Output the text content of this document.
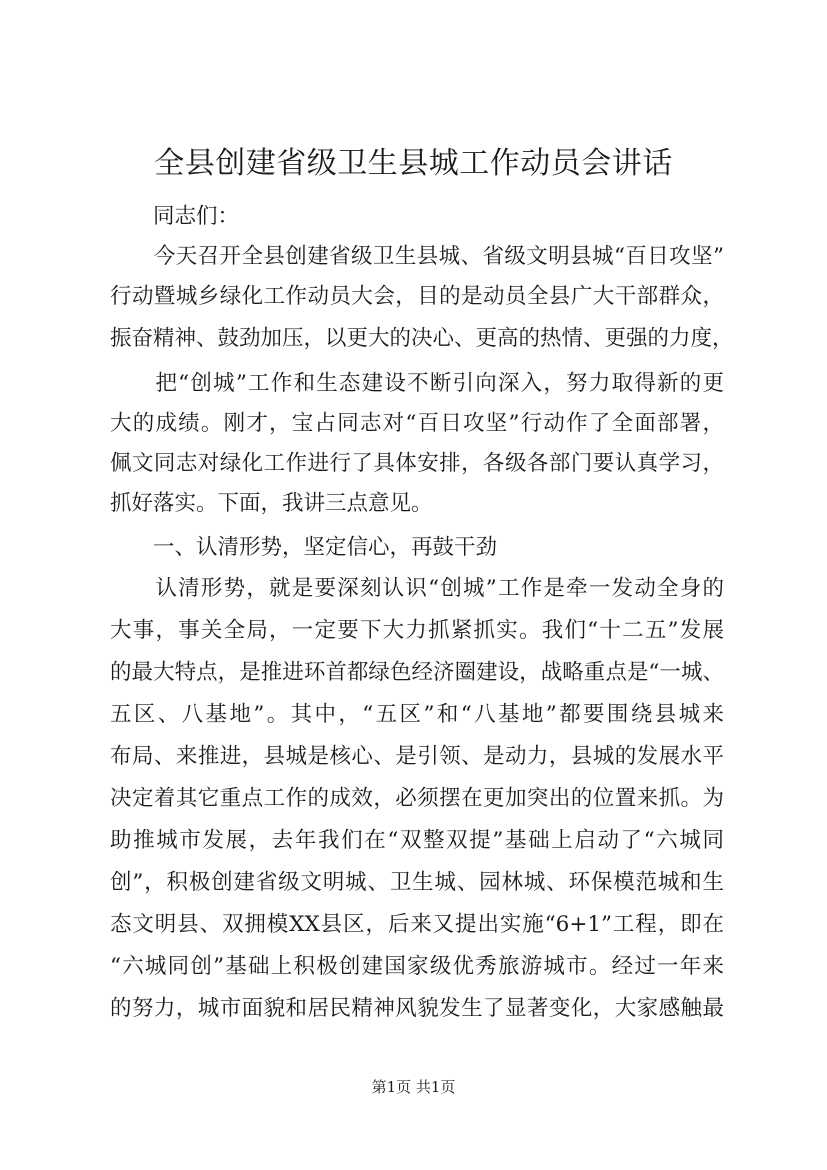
全县创建省级卫生县城工作动员会讲话
　　同志们：
　　今天召开全县创建省级卫生县城、省级文明县城“百日攻坚”
行动暨城乡绿化工作动员大会，目的是动员全县广大干部群众，
振奋精神、鼓劲加压，以更大的决心、更高的热情、更强的力度，
　　把“创城”工作和生态建设不断引向深入，努力取得新的更
大的成绩。刚才，宝占同志对“百日攻坚”行动作了全面部署，
佩文同志对绿化工作进行了具体安排，各级各部门要认真学习，
抓好落实。下面，我讲三点意见。
　　一、认清形势，坚定信心，再鼓干劲
　　认清形势，就是要深刻认识“创城”工作是牵一发动全身的
大事，事关全局，一定要下大力抓紧抓实。我们“十二五”发展
的最大特点，是推进环首都绿色经济圈建设，战略重点是“一城、
五区、八基地”。其中，“五区”和“八基地”都要围绕县城来
布局、来推进，县城是核心、是引领、是动力，县城的发展水平
决定着其它重点工作的成效，必须摆在更加突出的位置来抓。为
助推城市发展，去年我们在“双整双提”基础上启动了“六城同
创”，积极创建省级文明城、卫生城、园林城、环保模范城和生
态文明县、双拥模XX县区，后来又提出实施“6+1”工程，即在
“六城同创”基础上积极创建国家级优秀旅游城市。经过一年来
的努力，城市面貌和居民精神风貌发生了显著变化，大家感触最
第1页 共1页
